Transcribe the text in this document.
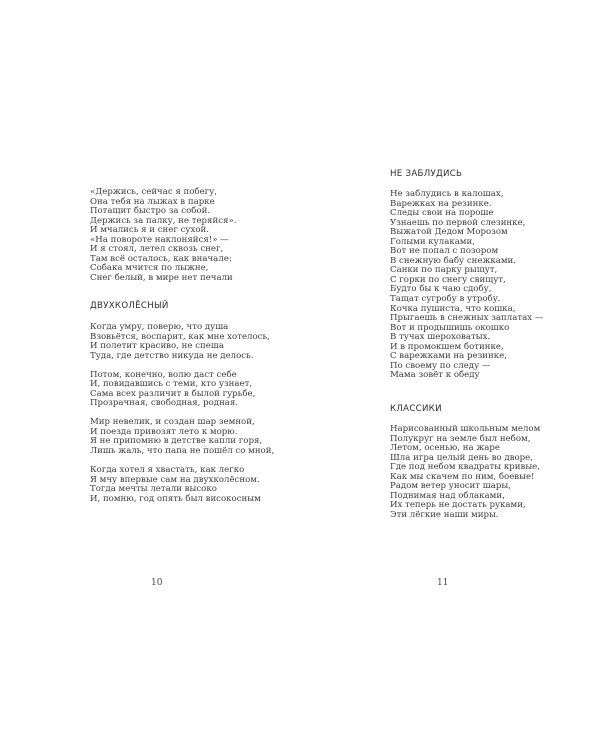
«Держись, сейчас я побегу,
Она тебя на лыжах в парке
Потащит быстро за собой.
Держись за палку, не теряйся».
И мчались я и снег сухой.
«На повороте наклоняйся!» —
И я стоял, летел сквозь снег,
Там всё осталось, как вначале:
Собака мчится по лыжне,
Снег белый, в мире нет печали
ДВУХКОЛЁСНЫЙ
Когда умру, поверю, что душа
Взовьётся, воспарит, как мне хотелось,
И полетит красиво, не спеша
Туда, где детство никуда не делось.
Потом, конечно, волю даст себе
И, повидавшись с теми, кто узнает,
Сама всех различит в былой гурьбе,
Прозрачная, свободная, родная.
Мир невелик, и создан шар земной,
И поезда привозят лето к морю.
Я не припомню в детстве капли горя,
Лишь жаль, что папа не пошёл со мной,
Когда хотел я хвастать, как легко
Я мчу впервые сам на двухколёсном.
Тогда мечты летали высоко
И, помню, год опять был високосным
10
НЕ ЗАБЛУДИСЬ
Не заблудись в калошах,
Варежках на резинке.
Следы свои на пороше
Узнаешь по первой слезинке,
Выжатой Дедом Морозом
Голыми кулаками,
Вот не попал с позором
В снежную бабу снежками.
Санки по парку рыщут,
С горки по снегу свищут,
Будто бы к чаю сдобу,
Тащат сугробу в утробу.
Кочка пушиста, что кошка,
Прыгаешь в снежных заплатах —
Вот и продышишь окошко
В тучах шероховатых.
И в промокшем ботинке,
С варежками на резинке,
По своему по следу —
Мама зовёт к обеду
КЛАССИКИ
Нарисованный школьным мелом
Полукруг на земле был небом,
Летом, осенью, на жаре
Шла игра целый день во дворе,
Где под небом квадраты кривые,
Как мы скачем по ним, боевые!
Радом ветер уносит шары,
Поднимая над облаками,
Их теперь не достать руками,
Эти лёгкие наши миры.
11
